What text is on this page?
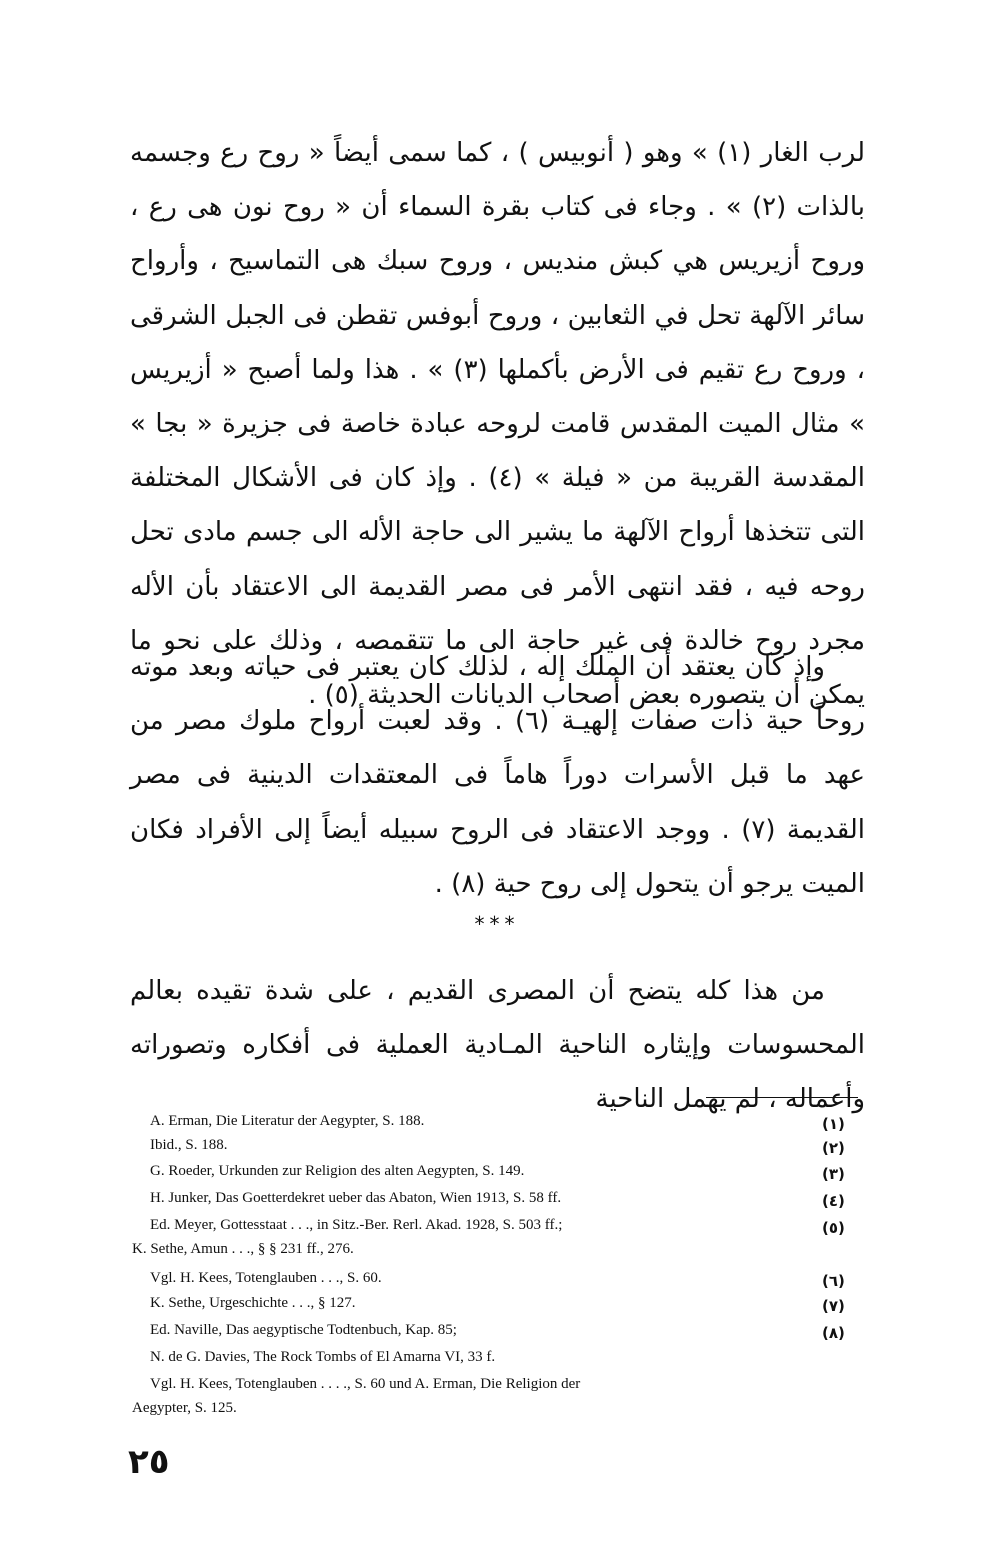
لرب الغار (١) » وهو ( أنوبيس ) ، كما سمى أيضاً « روح رع وجسمه بالذات (٢) » . وجاء فى كتاب بقرة السماء أن « روح نون هى رع ، وروح أزيريس هي كبش منديس ، وروح سبك هى التماسيح ، وأرواح سائر الآلهة تحل في الثعابين ، وروح أبوفس تقطن فى الجبل الشرقى ، وروح رع تقيم فى الأرض بأكملها (٣) » . هذا ولما أصبح « أزيريس » مثال الميت المقدس قامت لروحه عبادة خاصة فى جزيرة « بجا » المقدسة القريبة من « فيلة » (٤) . وإذ كان فى الأشكال المختلفة التى تتخذها أرواح الآلهة ما يشير الى حاجة الأله الى جسم مادى تحل روحه فيه ، فقد انتهى الأمر فى مصر القديمة الى الاعتقاد بأن الأله مجرد روح خالدة فى غير حاجة الى ما تتقمصه ، وذلك على نحو ما يمكن أن يتصوره بعض أصحاب الديانات الحديثة (٥) .

وإذ كان يعتقد أن الملك إله ، لذلك كان يعتبر فى حياته وبعد موته روحاً حية ذات صفات إلهيـة (٦) . وقد لعبت أرواح ملوك مصر من عهد ما قبل الأسرات دوراً هاماً فى المعتقدات الدينية فى مصر القديمة (٧) . ووجد الاعتقاد فى الروح سبيله أيضاً إلى الأفراد فكان الميت يرجو أن يتحول إلى روح حية (٨) .

***

من هذا كله يتضح أن المصرى القديم ، على شدة تقيده بعالم المحسوسات وإيثاره الناحية المـادية العملية فى أفكاره وتصوراته وأعماله ، لم يهمل الناحية

A. Erman, Die Literatur der Aegypter, S. 188.	(١)
Ibid., S. 188.	(٢)
G. Roeder, Urkunden zur Religion des alten Aegypten, S. 149.	(٣)
H. Junker, Das Goetterdekret ueber das Abaton, Wien 1913, S. 58 ff.	(٤)
Ed. Meyer, Gottesstaat . . ., in Sitz.-Ber. Rerl. Akad. 1928, S. 503 ff.;	(٥)
K. Sethe, Amun . . ., § § 231 ff., 276.
Vgl. H. Kees, Totenglauben . . ., S. 60.	(٦)
K. Sethe, Urgeschichte . . ., § 127.	(٧)
Ed. Naville, Das aegyptische Todtenbuch, Kap. 85;	(٨)
N. de G. Davies, The Rock Tombs of El Amarna VI, 33 f.
Vgl. H. Kees, Totenglauben . . . ., S. 60 und A. Erman, Die Religion der
Aegypter, S. 125.
٢٥
